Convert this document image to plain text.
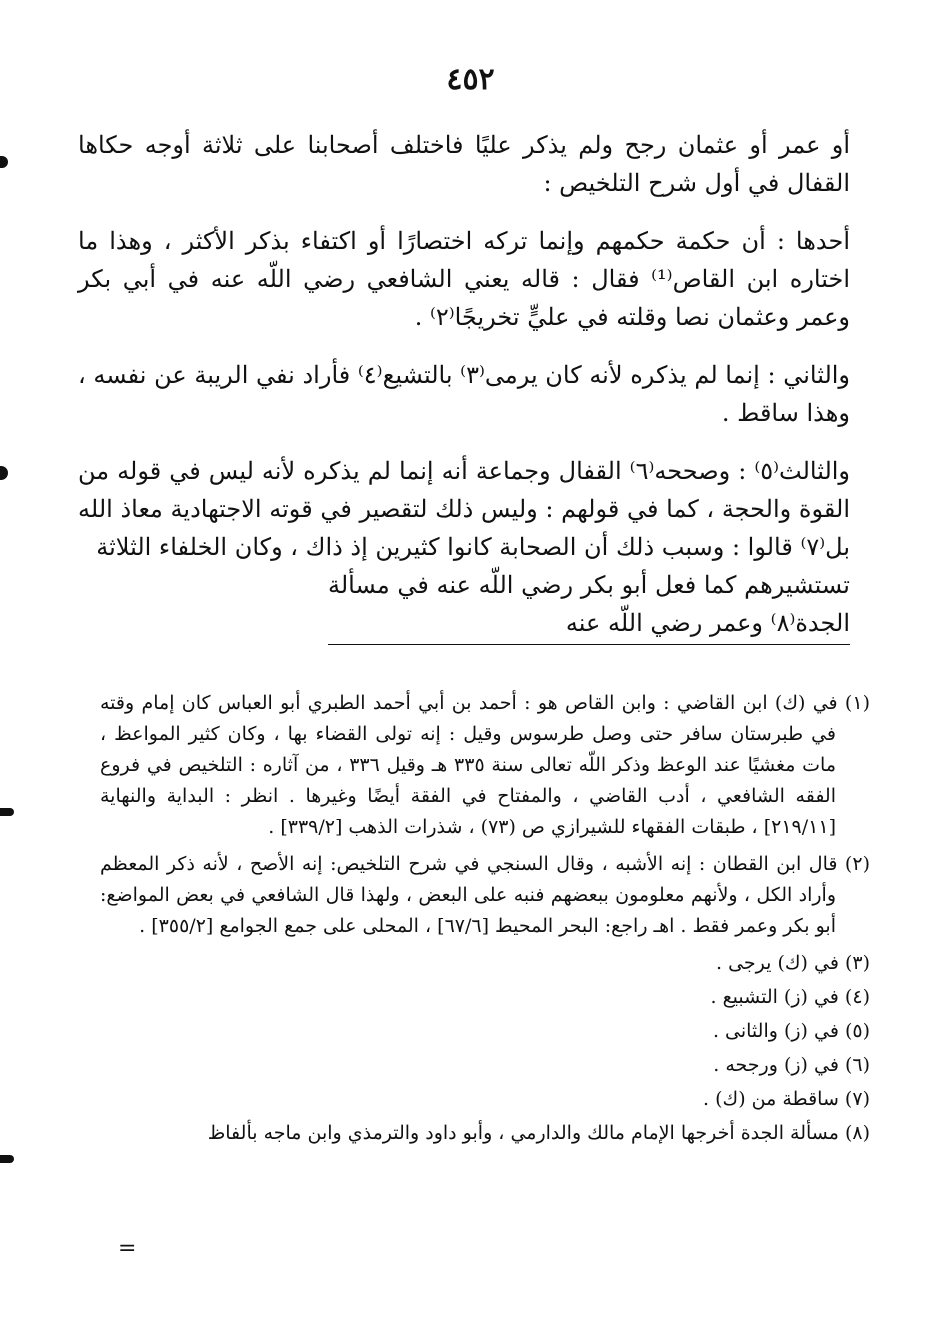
٤٥٢

أو عمر أو عثمان رجح ولم يذكر عليًا فاختلف أصحابنا على ثلاثة أوجه حكاها القفال في أول شرح التلخيص :

أحدها : أن حكمة حكمهم وإنما تركه اختصارًا أو اكتفاء بذكر الأكثر ، وهذا ما اختاره ابن القاص⁽¹⁾ فقال : قاله يعني الشافعي رضي اللّه عنه في أبي بكر وعمر وعثمان نصا وقلته في عليٍّ تخريجًا⁽٢⁾ .

والثاني : إنما لم يذكره لأنه كان يرمى⁽٣⁾ بالتشيع⁽٤⁾ فأراد نفي الريبة عن نفسه ، وهذا ساقط .

والثالث⁽٥⁾ : وصححه⁽٦⁾ القفال وجماعة أنه إنما لم يذكره لأنه ليس في قوله من القوة والحجة ، كما في قولهم : وليس ذلك لتقصير في قوته الاجتهادية معاذ الله بل⁽٧⁾ قالوا : وسبب ذلك أن الصحابة كانوا كثيرين إذ ذاك ، وكان الخلفاء الثلاثة

تستشيرهم كما فعل أبو بكر رضي اللّه عنه في مسألة الجدة⁽٨⁾ وعمر رضي اللّه عنه

(١) في (ك) ابن القاضي : وابن القاص هو : أحمد بن أبي أحمد الطبري أبو العباس كان إمام وقته في طبرستان سافر حتى وصل طرسوس وقيل : إنه تولى القضاء بها ، وكان كثير المواعظ ، مات مغشيًا عند الوعظ وذكر اللّه تعالى سنة ٣٣٥ هـ وقيل ٣٣٦ ، من آثاره : التلخيص في فروع الفقه الشافعي ، أدب القاضي ، والمفتاح في الفقة أيضًا وغيرها . انظر : البداية والنهاية [٢١٩/١١] ، طبقات الفقهاء للشيرازي ص (٧٣) ، شذرات الذهب [٣٣٩/٢] .

(٢) قال ابن القطان : إنه الأشبه ، وقال السنجي في شرح التلخيص: إنه الأصح ، لأنه ذكر المعظم وأراد الكل ، ولأنهم معلومون ببعضهم فنبه على البعض ، ولهذا قال الشافعي في بعض المواضع: أبو بكر وعمر فقط . اهـ راجع: البحر المحيط [٦٧/٦] ، المحلى على جمع الجوامع [٣٥٥/٢] .

(٣) في (ك) يرجى .

(٤) في (ز) التشبيع .

(٥) في (ز) والثانى .

(٦) في (ز) ورجحه .

(٧) ساقطة من (ك) .

(٨) مسألة الجدة أخرجها الإمام مالك والدارمي ، وأبو داود والترمذي وابن ماجه بألفاظ

=
